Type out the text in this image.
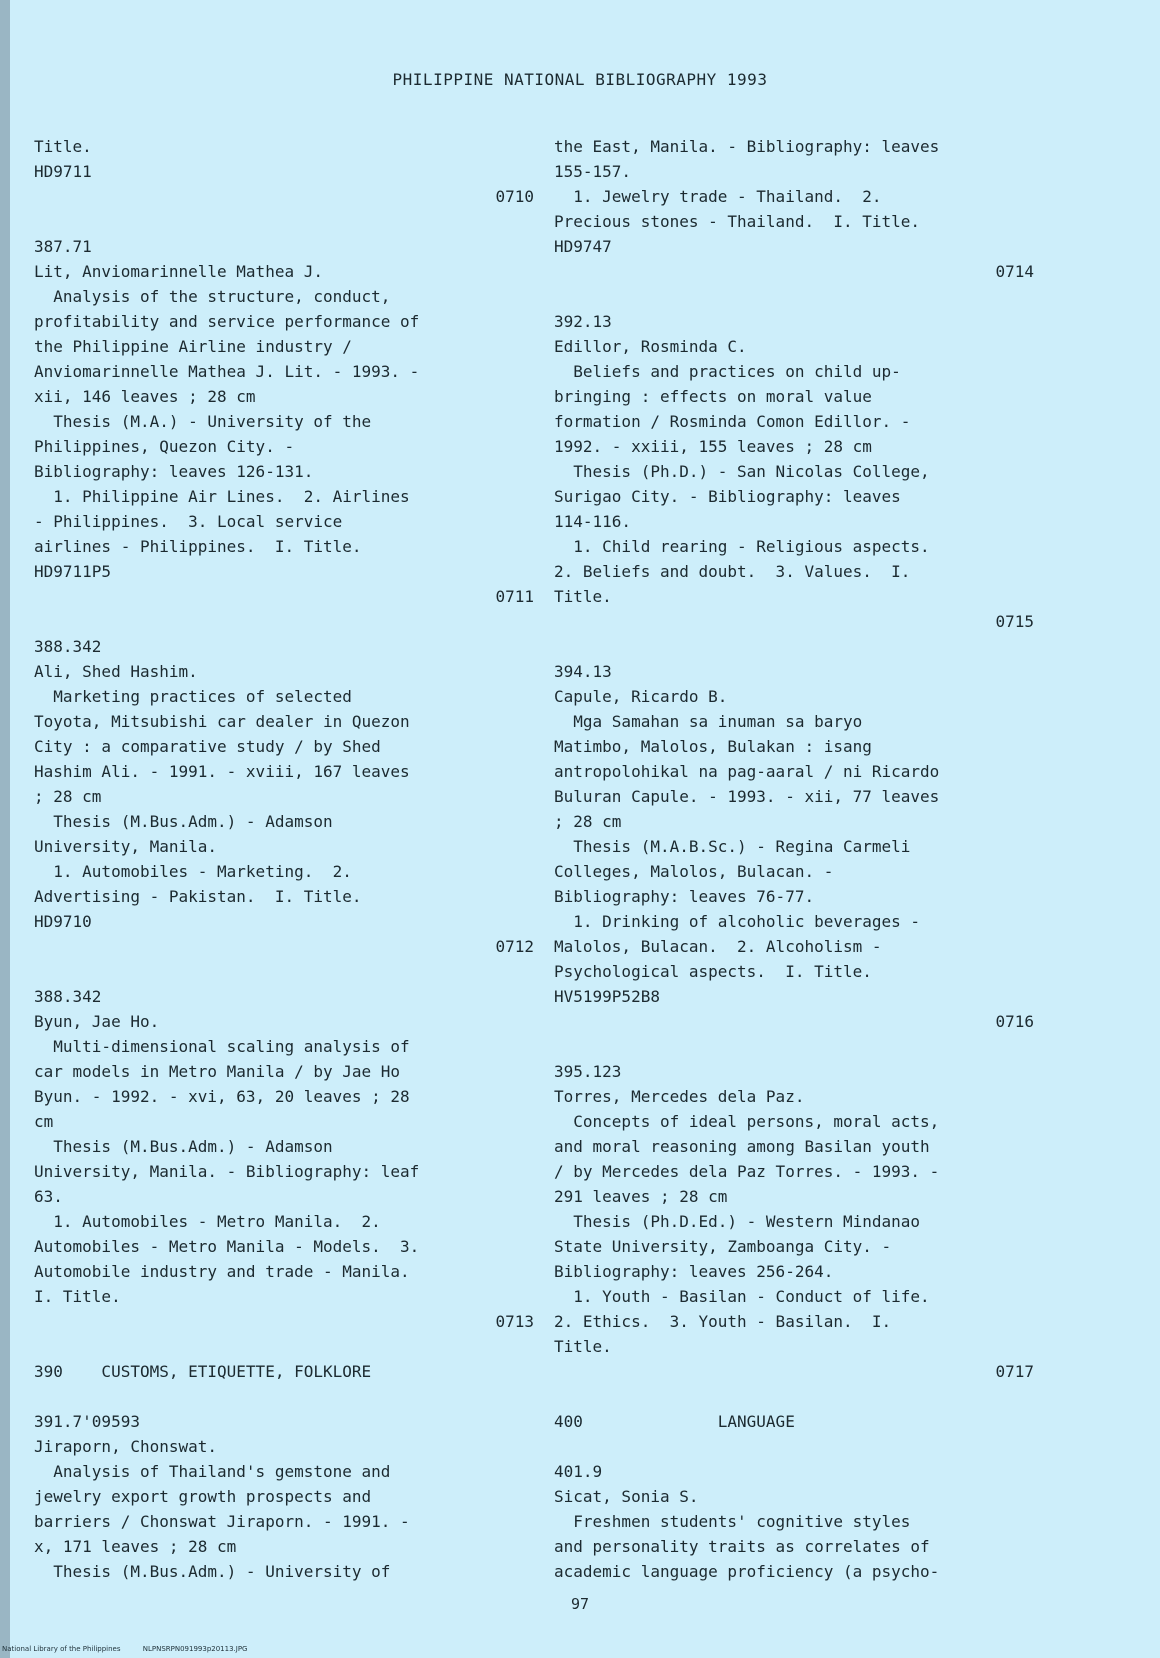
PHILIPPINE NATIONAL BIBLIOGRAPHY 1993
Title.
HD9711
0710
387.71
Lit, Anviomarinnelle Mathea J.
Analysis of the structure, conduct,
profitability and service performance of
the Philippine Airline industry /
Anviomarinnelle Mathea J. Lit. - 1993. -
xii, 146 leaves ; 28 cm
Thesis (M.A.) - University of the
Philippines, Quezon City. -
Bibliography: leaves 126-131.
1. Philippine Air Lines.  2. Airlines
- Philippines.  3. Local service
airlines - Philippines.  I. Title.
HD9711P5
0711
388.342
Ali, Shed Hashim.
Marketing practices of selected
Toyota, Mitsubishi car dealer in Quezon
City : a comparative study / by Shed
Hashim Ali. - 1991. - xviii, 167 leaves
; 28 cm
Thesis (M.Bus.Adm.) - Adamson
University, Manila.
1. Automobiles - Marketing.  2.
Advertising - Pakistan.  I. Title.
HD9710
0712
388.342
Byun, Jae Ho.
Multi-dimensional scaling analysis of
car models in Metro Manila / by Jae Ho
Byun. - 1992. - xvi, 63, 20 leaves ; 28
cm
Thesis (M.Bus.Adm.) - Adamson
University, Manila. - Bibliography: leaf
63.
1. Automobiles - Metro Manila.  2.
Automobiles - Metro Manila - Models.  3.
Automobile industry and trade - Manila.
I. Title.
0713
390    CUSTOMS, ETIQUETTE, FOLKLORE
391.7'09593
Jiraporn, Chonswat.
Analysis of Thailand's gemstone and
jewelry export growth prospects and
barriers / Chonswat Jiraporn. - 1991. -
x, 171 leaves ; 28 cm
Thesis (M.Bus.Adm.) - University of
the East, Manila. - Bibliography: leaves
155-157.
1. Jewelry trade - Thailand.  2.
Precious stones - Thailand.  I. Title.
HD9747
0714
392.13
Edillor, Rosminda C.
Beliefs and practices on child up-
bringing : effects on moral value
formation / Rosminda Comon Edillor. -
1992. - xxiii, 155 leaves ; 28 cm
Thesis (Ph.D.) - San Nicolas College,
Surigao City. - Bibliography: leaves
114-116.
1. Child rearing - Religious aspects.
2. Beliefs and doubt.  3. Values.  I.
Title.
0715
394.13
Capule, Ricardo B.
Mga Samahan sa inuman sa baryo
Matimbo, Malolos, Bulakan : isang
antropolohikal na pag-aaral / ni Ricardo
Buluran Capule. - 1993. - xii, 77 leaves
; 28 cm
Thesis (M.A.B.Sc.) - Regina Carmeli
Colleges, Malolos, Bulacan. -
Bibliography: leaves 76-77.
1. Drinking of alcoholic beverages -
Malolos, Bulacan.  2. Alcoholism -
Psychological aspects.  I. Title.
HV5199P52B8
0716
395.123
Torres, Mercedes dela Paz.
Concepts of ideal persons, moral acts,
and moral reasoning among Basilan youth
/ by Mercedes dela Paz Torres. - 1993. -
291 leaves ; 28 cm
Thesis (Ph.D.Ed.) - Western Mindanao
State University, Zamboanga City. -
Bibliography: leaves 256-264.
1. Youth - Basilan - Conduct of life.
2. Ethics.  3. Youth - Basilan.  I.
Title.
0717
400              LANGUAGE
401.9
Sicat, Sonia S.
Freshmen students' cognitive styles
and personality traits as correlates of
academic language proficiency (a psycho-
97
National Library of the Philippines	NLPNSRPN091993p20113.JPG
